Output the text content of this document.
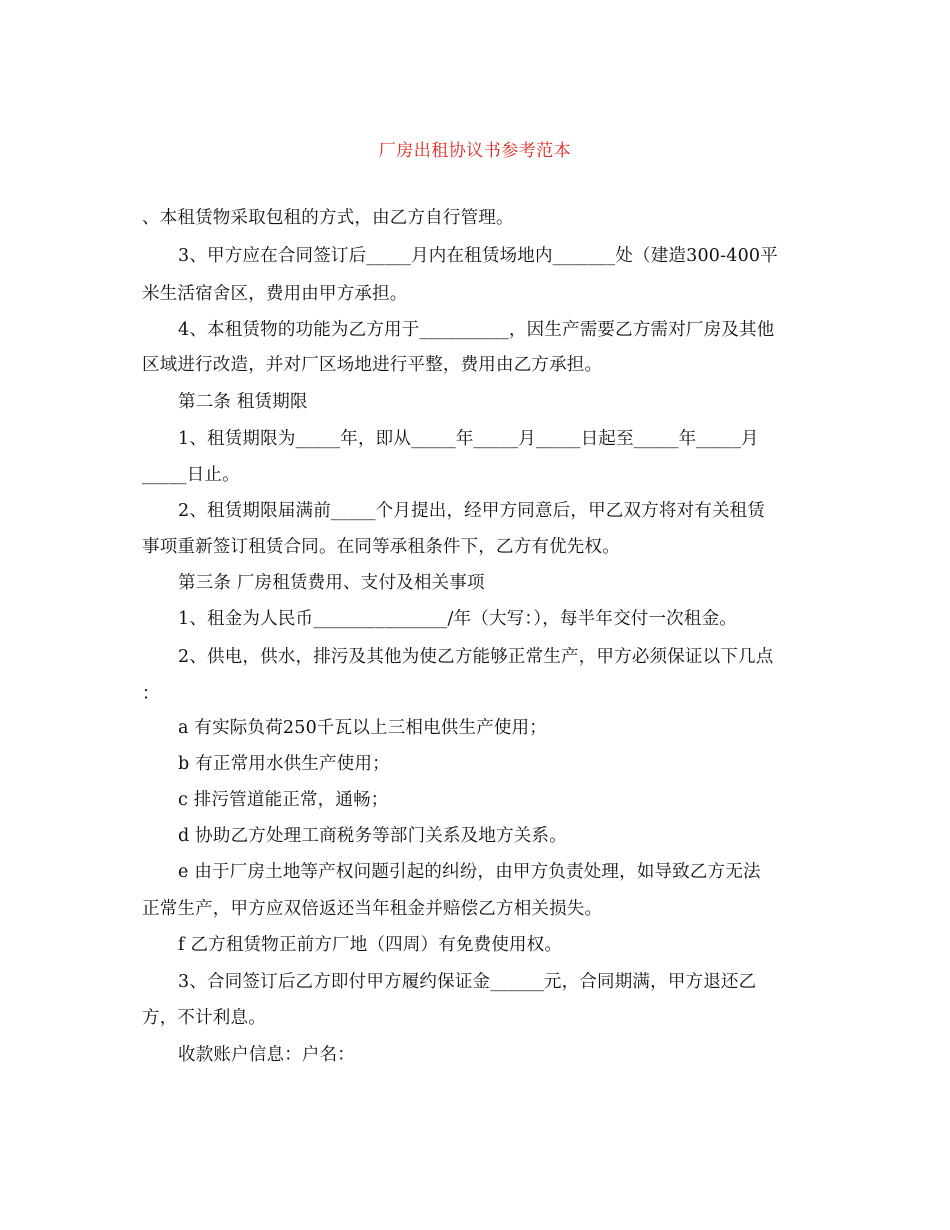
厂房出租协议书参考范本
、本租赁物采取包租的方式，由乙方自行管理。
3、甲方应在合同签订后_____月内在租赁场地内_______处（建造300-400平
米生活宿舍区，费用由甲方承担。
4、本租赁物的功能为乙方用于__________，因生产需要乙方需对厂房及其他
区域进行改造，并对厂区场地进行平整，费用由乙方承担。
第二条 租赁期限
1、租赁期限为_____年，即从_____年_____月_____日起至_____年_____月
_____日止。
2、租赁期限届满前_____个月提出，经甲方同意后，甲乙双方将对有关租赁
事项重新签订租赁合同。在同等承租条件下，乙方有优先权。
第三条 厂房租赁费用、支付及相关事项
1、租金为人民币_______________/年（大写：），每半年交付一次租金。
2、供电，供水，排污及其他为使乙方能够正常生产，甲方必须保证以下几点
：
a 有实际负荷250千瓦以上三相电供生产使用；
b 有正常用水供生产使用；
c 排污管道能正常，通畅；
d 协助乙方处理工商税务等部门关系及地方关系。
e 由于厂房土地等产权问题引起的纠纷，由甲方负责处理，如导致乙方无法
正常生产，甲方应双倍返还当年租金并赔偿乙方相关损失。
f 乙方租赁物正前方厂地（四周）有免费使用权。
3、合同签订后乙方即付甲方履约保证金______元，合同期满，甲方退还乙
方，不计利息。
收款账户信息：户名：
